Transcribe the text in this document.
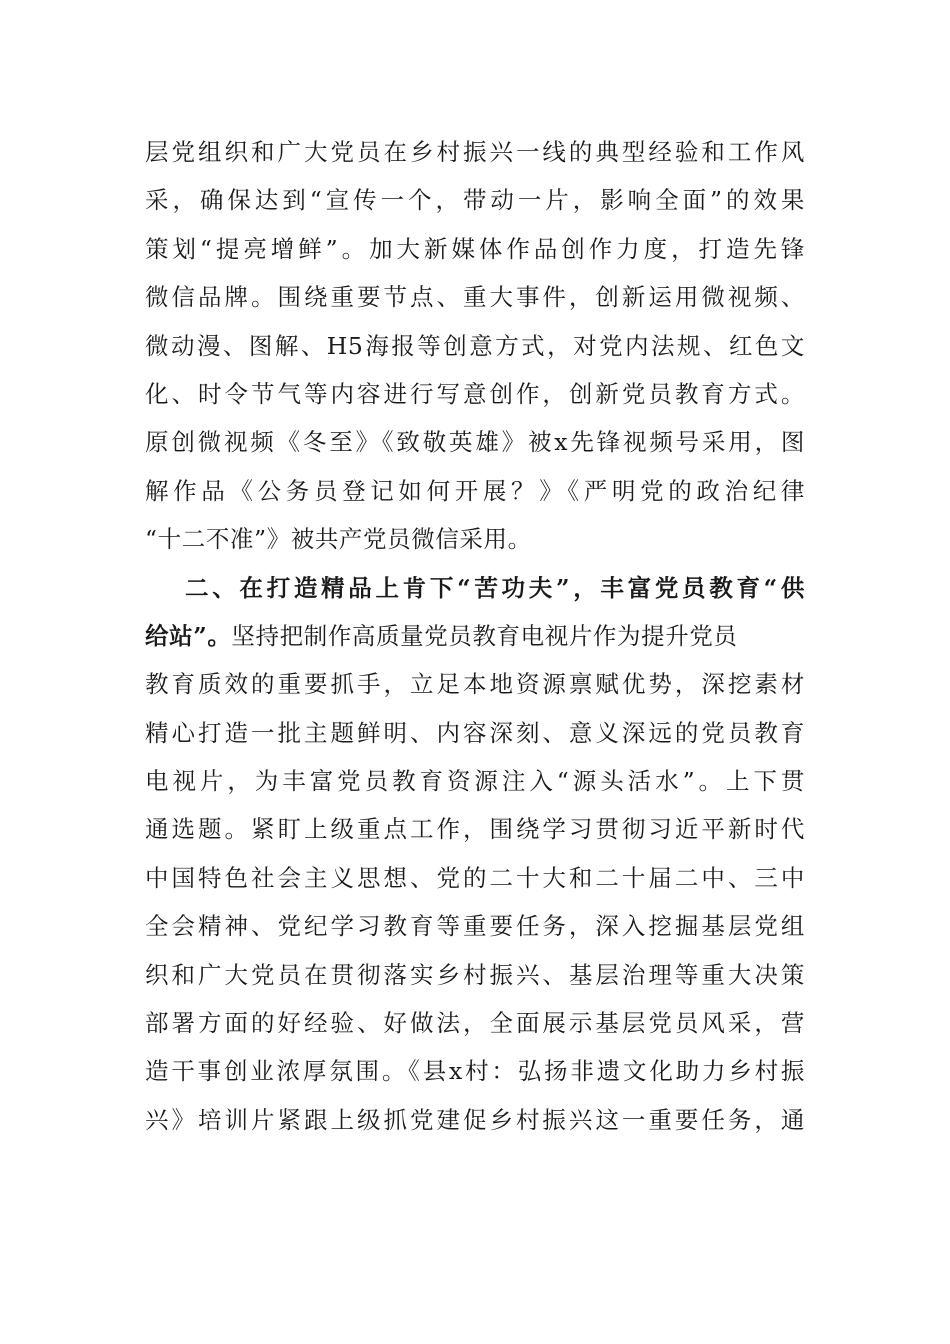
层党组织和广大党员在乡村振兴一线的典型经验和工作风
采，确保达到“宣传一个，带动一片，影响全面”的效果
策划“提亮增鲜”。加大新媒体作品创作力度，打造先锋
微信品牌。围绕重要节点、重大事件，创新运用微视频、
微动漫、图解、H5海报等创意方式，对党内法规、红色文
化、时令节气等内容进行写意创作，创新党员教育方式。
原创微视频《冬至》《致敬英雄》被x先锋视频号采用，图
解作品《公务员登记如何开展？》《严明党的政治纪律
“十二不准”》被共产党员微信采用。
二、在打造精品上肯下“苦功夫”，丰富党员教育“供
给站”。坚持把制作高质量党员教育电视片作为提升党员
教育质效的重要抓手，立足本地资源禀赋优势，深挖素材
精心打造一批主题鲜明、内容深刻、意义深远的党员教育
电视片，为丰富党员教育资源注入“源头活水”。上下贯
通选题。紧盯上级重点工作，围绕学习贯彻习近平新时代
中国特色社会主义思想、党的二十大和二十届二中、三中
全会精神、党纪学习教育等重要任务，深入挖掘基层党组
织和广大党员在贯彻落实乡村振兴、基层治理等重大决策
部署方面的好经验、好做法，全面展示基层党员风采，营
造干事创业浓厚氛围。《县x村：弘扬非遗文化助力乡村振
兴》培训片紧跟上级抓党建促乡村振兴这一重要任务，通
